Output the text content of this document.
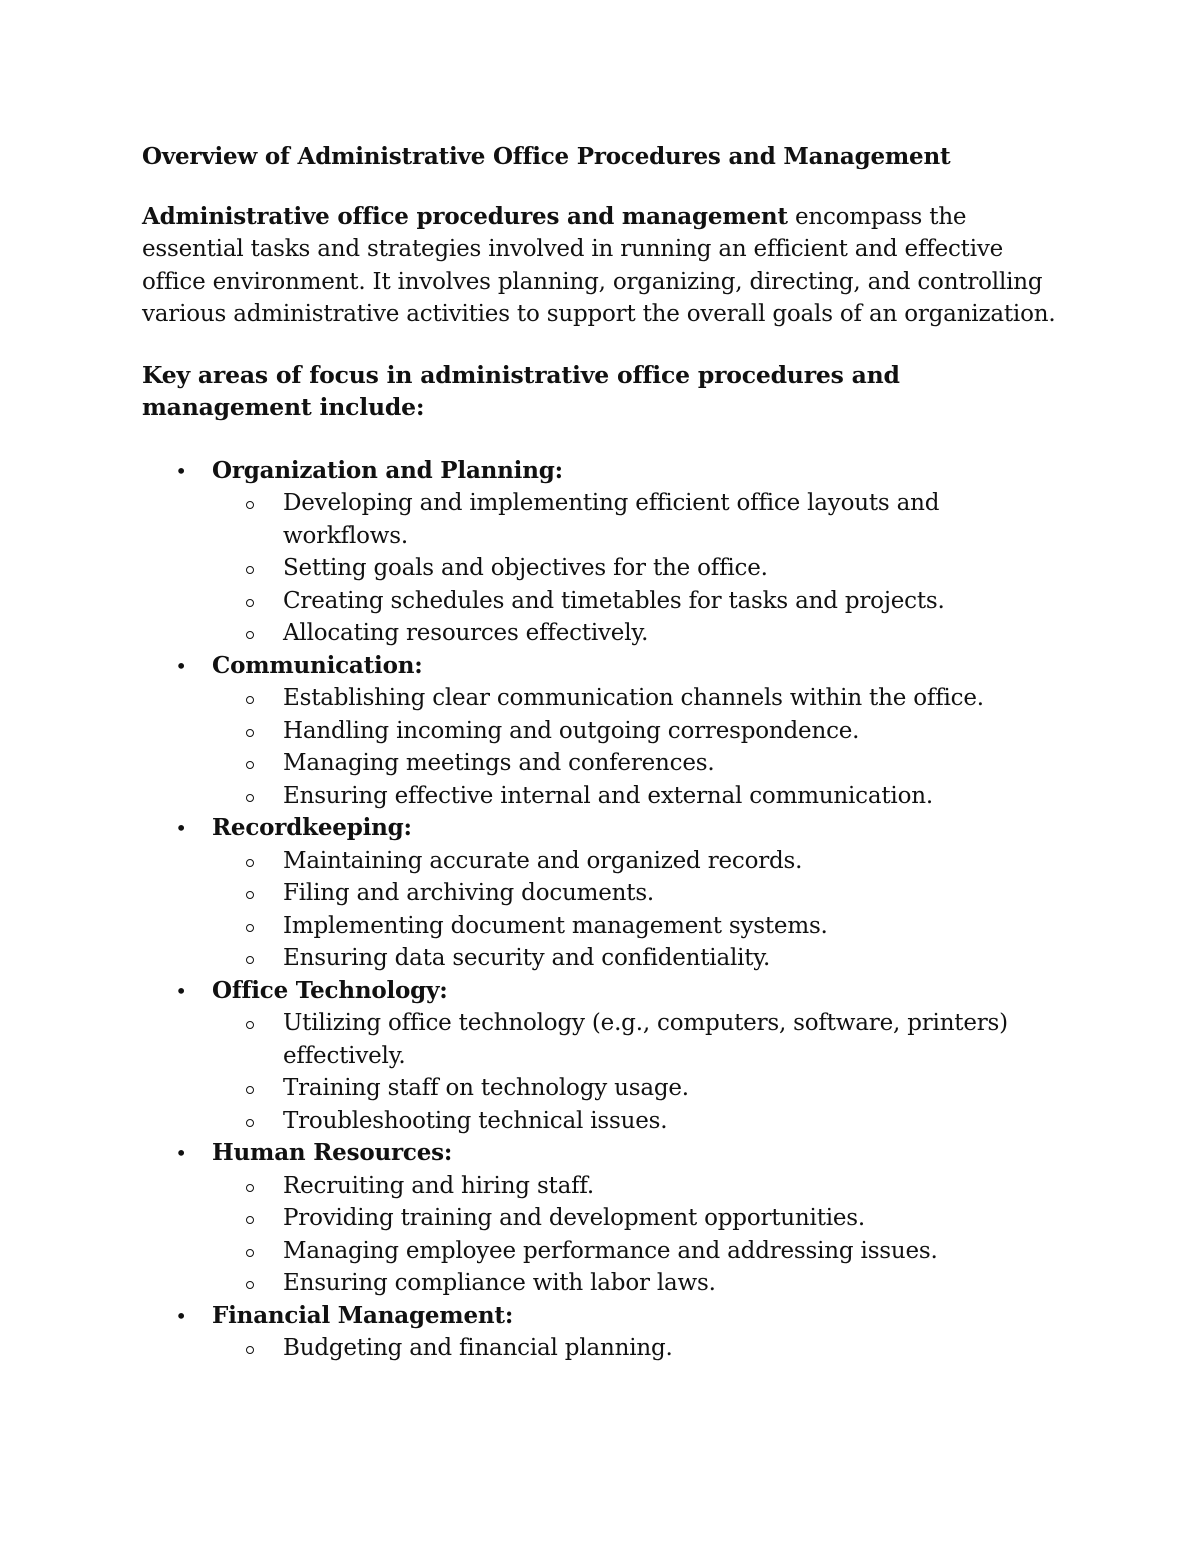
Overview of Administrative Office Procedures and Management

Administrative office procedures and management encompass the essential tasks and strategies involved in running an efficient and effective office environment. It involves planning, organizing, directing, and controlling various administrative activities to support the overall goals of an organization.

Key areas of focus in administrative office procedures and management include:

• Organization and Planning:
Developing and implementing efficient office layouts and workflows.
Setting goals and objectives for the office.
Creating schedules and timetables for tasks and projects.
Allocating resources effectively.
• Communication:
Establishing clear communication channels within the office.
Handling incoming and outgoing correspondence.
Managing meetings and conferences.
Ensuring effective internal and external communication.
• Recordkeeping:
Maintaining accurate and organized records.
Filing and archiving documents.
Implementing document management systems.
Ensuring data security and confidentiality.
• Office Technology:
Utilizing office technology (e.g., computers, software, printers) effectively.
Training staff on technology usage.
Troubleshooting technical issues.
• Human Resources:
Recruiting and hiring staff.
Providing training and development opportunities.
Managing employee performance and addressing issues.
Ensuring compliance with labor laws.
• Financial Management:
Budgeting and financial planning.
